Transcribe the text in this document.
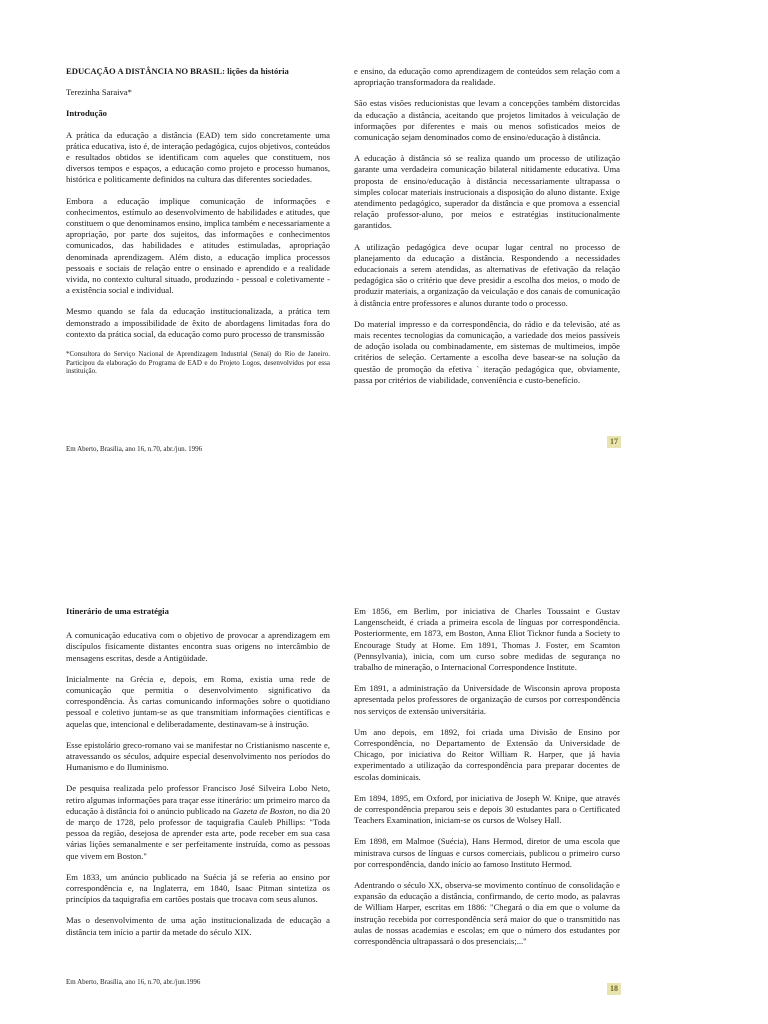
EDUCAÇÃO A DISTÂNCIA NO BRASIL: lições da história

Terezinha Saraiva*

Introdução

A prática da educação a distância (EAD) tem sido concretamente uma prática educativa, isto é, de interação pedagógica, cujos objetivos, conteúdos e resultados obtidos se identificam com aqueles que constituem, nos diversos tempos e espaços, a educação como projeto e processo humanos, histórica e politicamente definidos na cultura das diferentes sociedades.

Embora a educação implique comunicação de informações e conhecimentos, estímulo ao desenvolvimento de habilidades e atitudes, que constituem o que denominamos ensino, implica também e necessariamente a apropriação, por parte dos sujeitos, das informações e conhecimentos comunicados, das habilidades e atitudes estimuladas, apropriação denominada aprendizagem. Além disto, a educação implica processos pessoais e sociais de relação entre o ensinado e aprendido e a realidade vivida, no contexto cultural situado, produzindo - pessoal e coletivamente - a existência social e individual.

Mesmo quando se fala da educação institucionalizada, a prática tem demonstrado a impossibilidade de êxito de abordagens limitadas fora do contexto da prática social, da educação como puro processo de transmissão

*Consultora do Serviço Nacional de Aprendizagem Industrial (Senai) do Rio de Janeiro. Participou da elaboração do Programa de EAD e do Projeto Logos, desenvolvidos por essa instituição.

e ensino, da educação como aprendizagem de conteúdos sem relação com a apropriação transformadora da realidade.

São estas visões reducionistas que levam a concepções também distorcidas da educação a distância, aceitando que projetos limitados à veiculação de informações por diferentes e mais ou menos sofisticados meios de comunicação sejam denominados como de ensino/educação à distância.

A educação à distância só se realiza quando um processo de utilização garante uma verdadeira comunicação bilateral nitidamente educativa. Uma proposta de ensino/educação à distância necessariamente ultrapassa o simples colocar materiais instrucionais a disposição do aluno distante. Exige atendimento pedagógico, superador da distância e que promova a essencial relação professor-aluno, por meios e estratégias institucionalmente garantidos.

A utilização pedagógica deve ocupar lugar central no processo de planejamento da educação a distância. Respondendo a necessidades educacionais a serem atendidas, as alternativas de efetivação da relação pedagógica são o critério que deve presidir a escolha dos meios, o modo de produzir materiais, a organização da veiculação e dos canais de comunicação à distância entre professores e alunos durante todo o processo.

Do material impresso e da correspondência, do rádio e da televisão, até as mais recentes tecnologias da comunicação, a variedade dos meios passíveis de adoção isolada ou combinadamente, em sistemas de multimeios, impõe critérios de seleção. Certamente a escolha deve basear-se na solução da questão de promoção da efetiva ` iteração pedagógica que, obviamente, passa por critérios de viabilidade, conveniência e custo-benefício.

Em Aberto, Brasília, ano 16, n.70, abr./jun. 1996
17

Itinerário de uma estratégia

A comunicação educativa com o objetivo de provocar a aprendizagem em discípulos fisicamente distantes encontra suas origens no intercâmbio de mensagens escritas, desde a Antigüidade.

Inicialmente na Grécia e, depois, em Roma, existia uma rede de comunicação que permitia o desenvolvimento significativo da correspondência. Às cartas comunicando informações sobre o quotidiano pessoal e coletivo juntam-se as que transmitiam informações científicas e aquelas que, intencional e deliberadamente, destinavam-se à instrução.

Esse epistolário greco-romano vai se manifestar no Cristianismo nascente e, atravessando os séculos, adquire especial desenvolvimento nos períodos do Humanismo e do Iluminismo.

De pesquisa realizada pelo professor Francisco José Silveira Lobo Neto, retiro algumas informações para traçar esse itinerário: um primeiro marco da educação à distância foi o anúncio publicado na Gazeta de Boston, no dia 20 de março de 1728, pelo professor de taquigrafia Cauleb Phillips: "Toda pessoa da região, desejosa de aprender esta arte, pode receber em sua casa várias lições semanalmente e ser perfeitamente instruída, como as pessoas que vivem em Boston."

Em 1833, um anúncio publicado na Suécia já se referia ao ensino por correspondência e, na Inglaterra, em 1840, Isaac Pitman sintetiza os princípios da taquigrafia em cartões postais que trocava com seus alunos.

Mas o desenvolvimento de uma ação institucionalizada de educação a distância tem início a partir da metade do século XIX.

Em 1856, em Berlim, por iniciativa de Charles Toussaint e Gustav Langenscheidt, é criada a primeira escola de línguas por correspondência. Posteriormente, em 1873, em Boston, Anna Eliot Ticknor funda a Society to Encourage Study at Home. Em 1891, Thomas J. Foster, em Scamton (Pennsylvania), inicia, com um curso sobre medidas de segurança no trabalho de mineração, o Internacional Correspondence Institute.

Em 1891, a administração da Universidade de Wisconsin aprova proposta apresentada pelos professores de organização de cursos por correspondência nos serviços de extensão universitária.

Um ano depois, em 1892, foi criada uma Divisão de Ensino por Correspondência, no Departamento de Extensão da Universidade de Chicago, por iniciativa do Reitor William R. Harper, que já havia experimentado a utilização da correspondência para preparar docentes de escolas dominicais.

Em 1894, 1895, em Oxford, por iniciativa de Joseph W. Knipe, que através de correspondência preparou seis e depois 30 estudantes para o Certificated Teachers Examination, iniciam-se os cursos de Wolsey Hall.

Em 1898, em Malmoe (Suécia), Hans Hermod, diretor de uma escola que ministrava cursos de línguas e cursos comerciais, publicou o primeiro curso por correspondência, dando início ao famoso Instituto Hermod.

Adentrando o século XX, observa-se movimento contínuo de consolidação e expansão da educação a distância, confirmando, de certo modo, as palavras de William Harper, escritas em 1886: "Chegará o dia em que o volume da instrução recebida por correspondência será maior do que o transmitido nas aulas de nossas academias e escolas; em que o número dos estudantes por correspondência ultrapassará o dos presenciais;..."

Em Aberto, Brasília, ano 16, n.70, abr./jun.1996
18
